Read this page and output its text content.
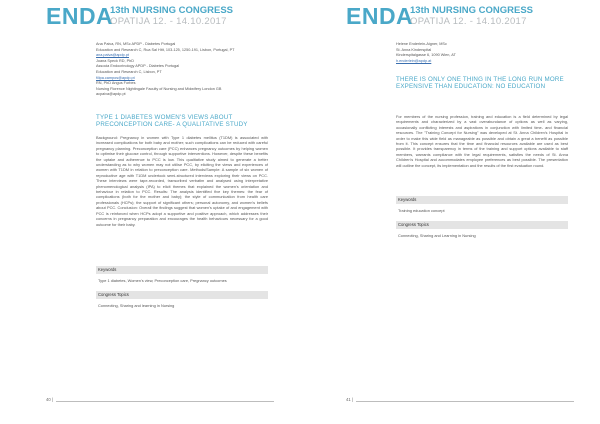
ENDA
13th NURSING CONGRESS
OPATIJA 12. - 14.10.2017
Ana Paiva, RN, MSc APDP - Diabetes Portugal
Education and Research C, Rua Sal Hitt, 103-125, 1250-191, Lisbon, Portugal, PT
ana.paiva@apdp.pt
Joana Speck RD, PhD
Associa Endocrinology APDP - Diabetes Portugal
Education and Research C, Lisbon, PT
filipa.campos@apdp.pt
RN, PhD Angus Forbes
Nursing Florence Nightingale Faculty of Nursing and Midwifery London GB
acpaiva@apdp.pt
TYPE 1 DIABETES WOMEN'S VIEWS ABOUT PRECONCEPTION CARE- A QUALITATIVE STUDY
Background: Pregnancy in women with Type 1 diabetes mellitus (T1DM) is associated with increased complications for both baby and mother; such complications can be reduced with careful pregnancy planning. Preconception care (PCC) enhances pregnancy outcomes by helping women to optimise their glucose control, through supportive interventions. However, despite these benefits the uptake and adherence to PCC is low. This qualitative study aimed to generate a better understanding as to why women may not utilise PCC, by eliciting the views and experiences of women with T1DM in relation to preconception care. Methods/Sample: A sample of six women of reproductive age with T1DM undertook semi-structured interviews exploring their views on PCC. These interviews were tape-recorded, transcribed verbatim and analysed using interpretative phenomenological analysis (IPA) to elicit themes that explained the women's orientation and behaviour in relation to PCC. Results: The analysis identified five key themes: the fear of complications (both for the mother and baby); the style of communication from health care professionals (HCPs); the support of significant others; personal autonomy, and women's beliefs about PCC. Conclusion: Overall the findings suggest that women's uptake of and engagement with PCC is reinforced when HCPs adopt a supportive and positive approach, which addresses their concerns in pregnancy preparation and encourages the health behaviours necessary for a good outcome for their baby.
Keywords
Type 1 diabetes, Women's view, Preconception care, Pregnancy outcomes
Congress Topics
Connecting, Sharing and learning in Nursing
40 |
ENDA
13th NURSING CONGRESS
OPATIJA 12. - 14.10.2017
Helene Enderlein-Aigner, MSc
St. Anna Kinderspital
Kinderspitalgasse 6, 1090 Wien, AT
h.enderlein@apdp.at
THERE IS ONLY ONE THING IN THE LONG RUN MORE EXPENSIVE THAN EDUCATION: NO EDUCATION
For members of the nursing profession, training and education is a field determined by legal requirements and characterized by a vast overabundance of options as well as varying, occasionally conflicting interests and aspirations in conjunction with limited time- and financial resources. The "Training Concept for Nursing" was developed at St. Anna Children's Hospital in order to make this wide field as manageable as possible and obtain a great a benefit as possible from it. This concept ensures that the time and financial resources available are used as best possible. It provides transparency in terms of the training and support options available to staff members, warrants compliance with the legal requirements, satisfies the needs of St. Anna Children's Hospital and accommodates employee preferences as best possible. The presentation will outline the concept, its implementation and the results of the first evaluation round.
Keywords
Training education concept
Congress Topics
Connecting, Sharing and Learning in Nursing
41 |
